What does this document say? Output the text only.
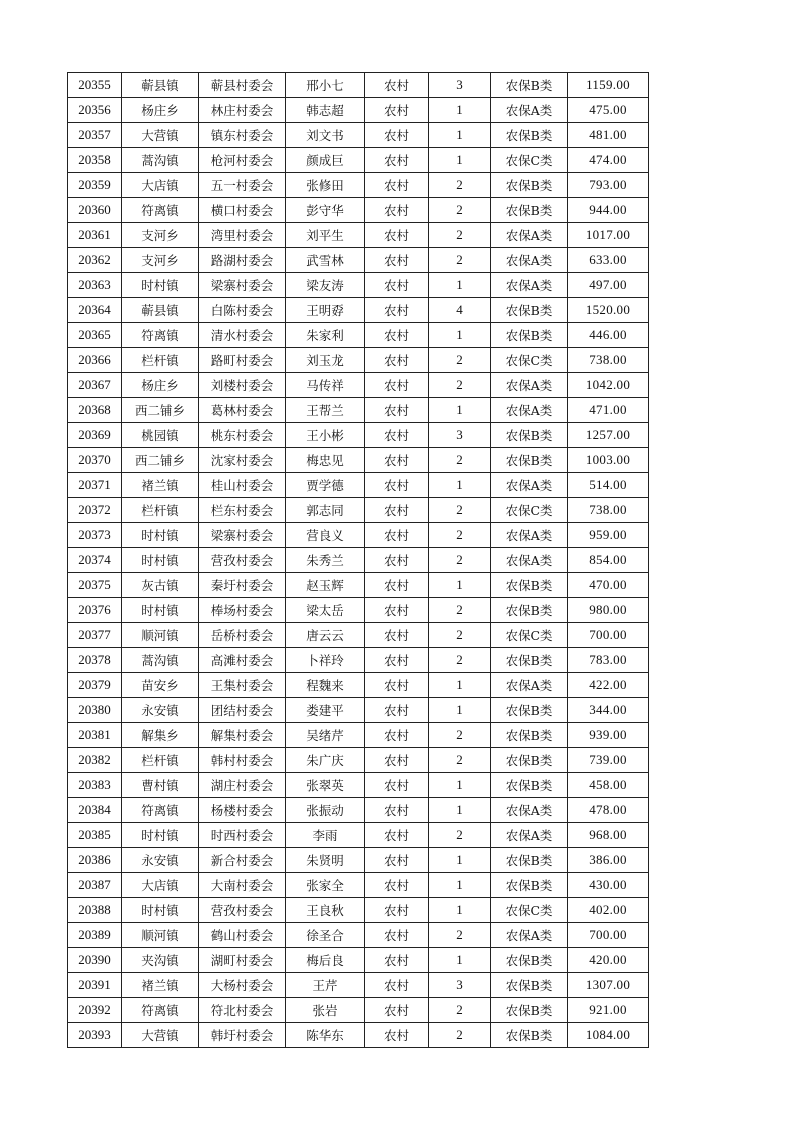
20355	蕲县镇	蕲县村委会	邢小七	农村	3	农保B类	1159.00
20356	杨庄乡	林庄村委会	韩志超	农村	1	农保A类	475.00
20357	大营镇	镇东村委会	刘文书	农村	1	农保B类	481.00
20358	蒿沟镇	枪河村委会	颜成巨	农村	1	农保C类	474.00
20359	大店镇	五一村委会	张修田	农村	2	农保B类	793.00
20360	符离镇	横口村委会	彭守华	农村	2	农保B类	944.00
20361	支河乡	湾里村委会	刘平生	农村	2	农保A类	1017.00
20362	支河乡	路湖村委会	武雪林	农村	2	农保A类	633.00
20363	时村镇	梁寨村委会	梁友涛	农村	1	农保A类	497.00
20364	蕲县镇	白陈村委会	王明孬	农村	4	农保B类	1520.00
20365	符离镇	清水村委会	朱家利	农村	1	农保B类	446.00
20366	栏杆镇	路町村委会	刘玉龙	农村	2	农保C类	738.00
20367	杨庄乡	刘楼村委会	马传祥	农村	2	农保A类	1042.00
20368	西二铺乡	葛林村委会	王帮兰	农村	1	农保A类	471.00
20369	桃园镇	桃东村委会	王小彬	农村	3	农保B类	1257.00
20370	西二铺乡	沈家村委会	梅忠见	农村	2	农保B类	1003.00
20371	褚兰镇	桂山村委会	贾学德	农村	1	农保A类	514.00
20372	栏杆镇	栏东村委会	郭志同	农村	2	农保C类	738.00
20373	时村镇	梁寨村委会	营良义	农村	2	农保A类	959.00
20374	时村镇	营孜村委会	朱秀兰	农村	2	农保A类	854.00
20375	灰古镇	秦圩村委会	赵玉辉	农村	1	农保B类	470.00
20376	时村镇	棒场村委会	梁太岳	农村	2	农保B类	980.00
20377	顺河镇	岳桥村委会	唐云云	农村	2	农保C类	700.00
20378	蒿沟镇	高滩村委会	卜祥玲	农村	2	农保B类	783.00
20379	苗安乡	王集村委会	程魏来	农村	1	农保A类	422.00
20380	永安镇	团结村委会	娄建平	农村	1	农保B类	344.00
20381	解集乡	解集村委会	吴绪芹	农村	2	农保B类	939.00
20382	栏杆镇	韩村村委会	朱广庆	农村	2	农保B类	739.00
20383	曹村镇	湖庄村委会	张翠英	农村	1	农保B类	458.00
20384	符离镇	杨楼村委会	张振动	农村	1	农保A类	478.00
20385	时村镇	时西村委会	李雨	农村	2	农保A类	968.00
20386	永安镇	新合村委会	朱贤明	农村	1	农保B类	386.00
20387	大店镇	大南村委会	张家全	农村	1	农保B类	430.00
20388	时村镇	营孜村委会	王良秋	农村	1	农保C类	402.00
20389	顺河镇	鹤山村委会	徐圣合	农村	2	农保A类	700.00
20390	夹沟镇	湖町村委会	梅后良	农村	1	农保B类	420.00
20391	褚兰镇	大杨村委会	王芹	农村	3	农保B类	1307.00
20392	符离镇	符北村委会	张岩	农村	2	农保B类	921.00
20393	大营镇	韩圩村委会	陈华东	农村	2	农保B类	1084.00
